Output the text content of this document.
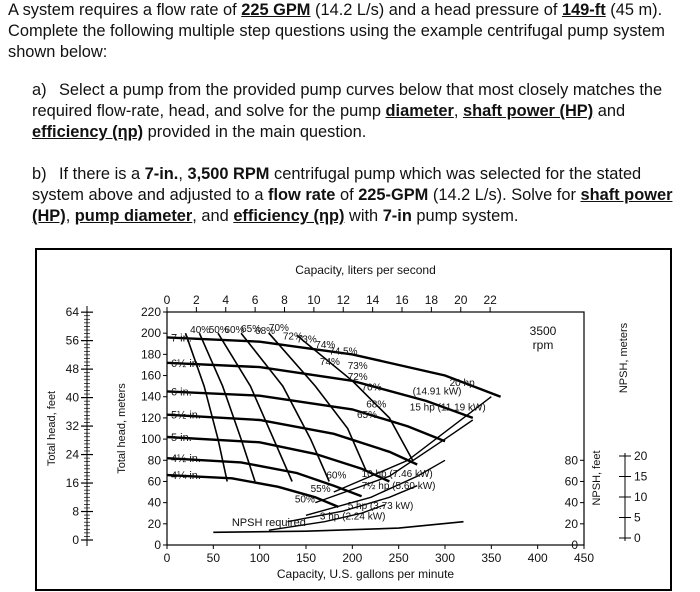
A system requires a flow rate of 225 GPM (14.2 L/s) and a head pressure of 149-ft (45 m). Complete the following multiple step questions using the example centrifugal pump system shown below:
a) Select a pump from the provided pump curves below that most closely matches the required flow-rate, head, and solve for the pump diameter, shaft power (HP) and efficiency (ηp) provided in the main question.
b) If there is a 7-in., 3,500 RPM centrifugal pump which was selected for the stated system above and adjusted to a flow rate of 225-GPM (14.2 L/s). Solve for shaft power (HP), pump diameter, and efficiency (ηp) with 7-in pump system.
0	50 100 150 200 250 300 350 400 450
Capacity, U.S. gallons per minute
0 2 4 6 8 10 12 14 16 18 20 22
Capacity, liters per second
0
20
40
60
80
100
120
140
160
180
200
220
Total head, meters
0
8
16
24
32
40
48
56
64
Total head, feet
0
20
40
60
80 NPSH, feet
0
5
10
15
20
NPSH, meters
3500
rpm
7 in.
6½ in.
6 in.
5½ in.
5 in.
4½ in.
4¼ in.
40%
50%
60%
65%
68%
70%
72%
73%
74%
74.5%
74% 73%
72%
70%
68%
65%
60%
55%
50%
20 hp
(14.91 kW)
15 hp (11.19 kW)
10 hp (7.46 kW)
7½ hp (5.60 kW)
5 hp (3.73 kW)
3 hp (2.24 kW)
NPSH required
